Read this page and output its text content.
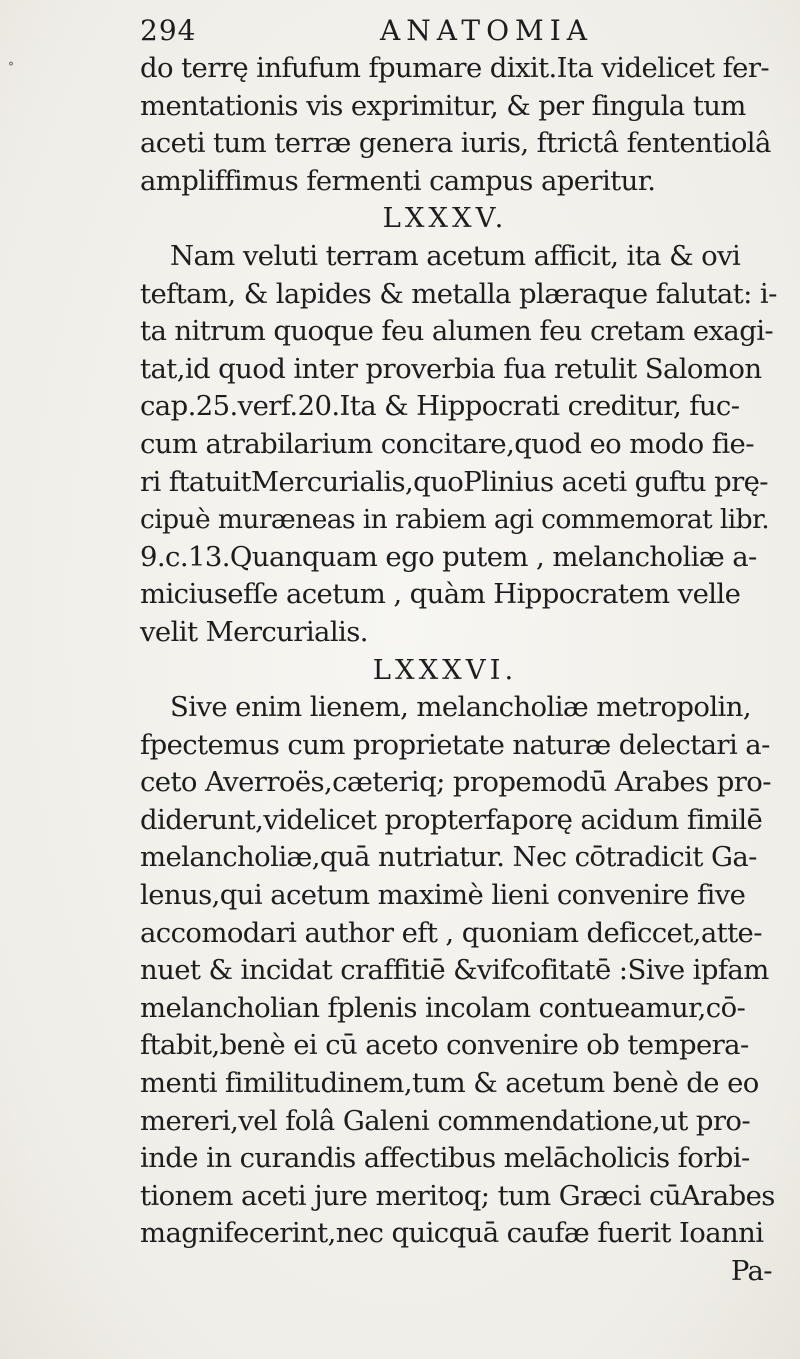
°
294	ANATOMIA
do terrę infufum fpumare dixit.Ita videlicet fer-
mentationis vis exprimitur, & per fingula tum
aceti tum terræ genera iuris, ftrictâ fententiolâ
ampliffimus fermenti campus aperitur.
LXXXV.
Nam veluti terram acetum afficit, ita & ovi
teftam, & lapides & metalla plæraque falutat: i-
ta nitrum quoque feu alumen feu cretam exagi-
tat,id quod inter proverbia fua retulit Salomon
cap.25.verf.20.Ita & Hippocrati creditur, fuc-
cum atrabilarium concitare,quod eo modo fie-
ri ftatuitMercurialis,quoPlinius aceti guftu prę-
cipuè muræneas in rabiem agi commemorat libr.
9.c.13.Quanquam ego putem , melancholiæ a-
miciusefſe acetum , quàm Hippocratem velle
velit Mercurialis.
LXXXVI.
Sive enim lienem, melancholiæ metropolin,
fpectemus cum proprietate naturæ delectari a-
ceto Averroës,cæteriq; propemodū Arabes pro-
diderunt,videlicet propterfaporę acidum fimilē
melancholiæ,quā nutriatur. Nec cōtradicit Ga-
lenus,qui acetum maximè lieni convenire five
accomodari author eft , quoniam deficcet,atte-
nuet & incidat craffitiē &vifcofitatē :Sive ipfam
melancholian fplenis incolam contueamur,cō-
ftabit,benè ei cū aceto convenire ob tempera-
menti fimilitudinem,tum & acetum benè de eo
mereri,vel folâ Galeni commendatione,ut pro-
inde in curandis affectibus melācholicis forbi-
tionem aceti jure meritoq; tum Græci cūArabes
magnifecerint,nec quicquā caufæ fuerit Ioanni
Pa-
